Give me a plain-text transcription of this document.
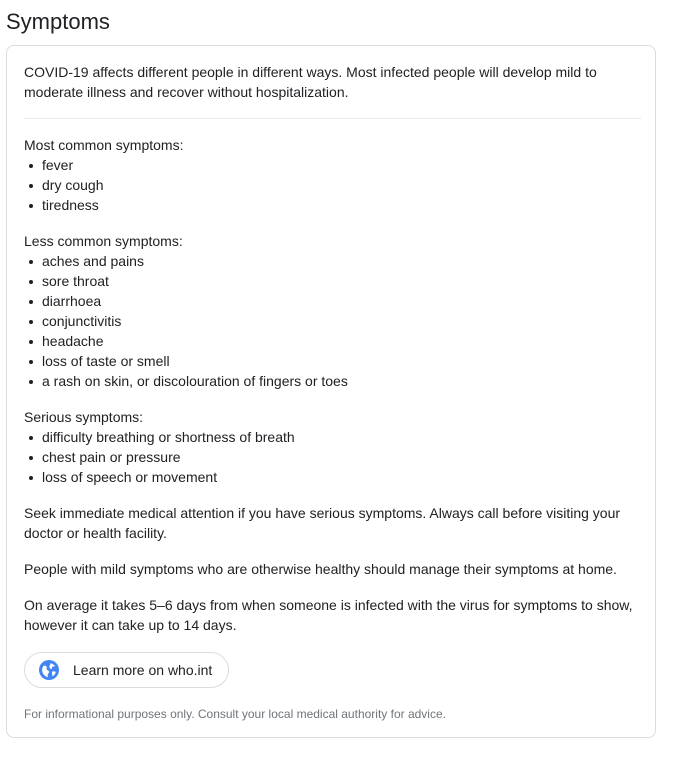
Symptoms

COVID-19 affects different people in different ways. Most infected people will develop mild to moderate illness and recover without hospitalization.

Most common symptoms:

fever
dry cough
tiredness

Less common symptoms:

aches and pains
sore throat
diarrhoea
conjunctivitis
headache
loss of taste or smell
a rash on skin, or discolouration of fingers or toes

Serious symptoms:

difficulty breathing or shortness of breath
chest pain or pressure
loss of speech or movement

Seek immediate medical attention if you have serious symptoms. Always call before visiting your doctor or health facility.

People with mild symptoms who are otherwise healthy should manage their symptoms at home.

On average it takes 5–6 days from when someone is infected with the virus for symptoms to show, however it can take up to 14 days.

Learn more on who.int

For informational purposes only. Consult your local medical authority for advice.
